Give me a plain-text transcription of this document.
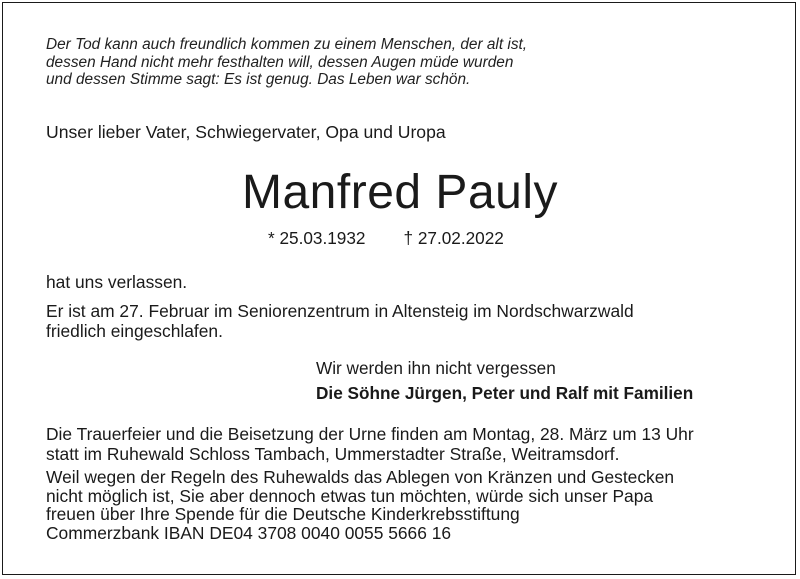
Der Tod kann auch freundlich kommen zu einem Menschen, der alt ist,
dessen Hand nicht mehr festhalten will, dessen Augen müde wurden
und dessen Stimme sagt: Es ist genug. Das Leben war schön.
Unser lieber Vater, Schwiegervater, Opa und Uropa
Manfred Pauly
* 25.03.1932 † 27.02.2022
hat uns verlassen.
Er ist am 27. Februar im Seniorenzentrum in Altensteig im Nordschwarzwald
friedlich eingeschlafen.
Wir werden ihn nicht vergessen
Die Söhne Jürgen, Peter und Ralf mit Familien
Die Trauerfeier und die Beisetzung der Urne finden am Montag, 28. März um 13 Uhr
statt im Ruhewald Schloss Tambach, Ummerstadter Straße, Weitramsdorf.
Weil wegen der Regeln des Ruhewalds das Ablegen von Kränzen und Gestecken
nicht möglich ist, Sie aber dennoch etwas tun möchten, würde sich unser Papa
freuen über Ihre Spende für die Deutsche Kinderkrebsstiftung
Commerzbank IBAN DE04 3708 0040 0055 5666 16
